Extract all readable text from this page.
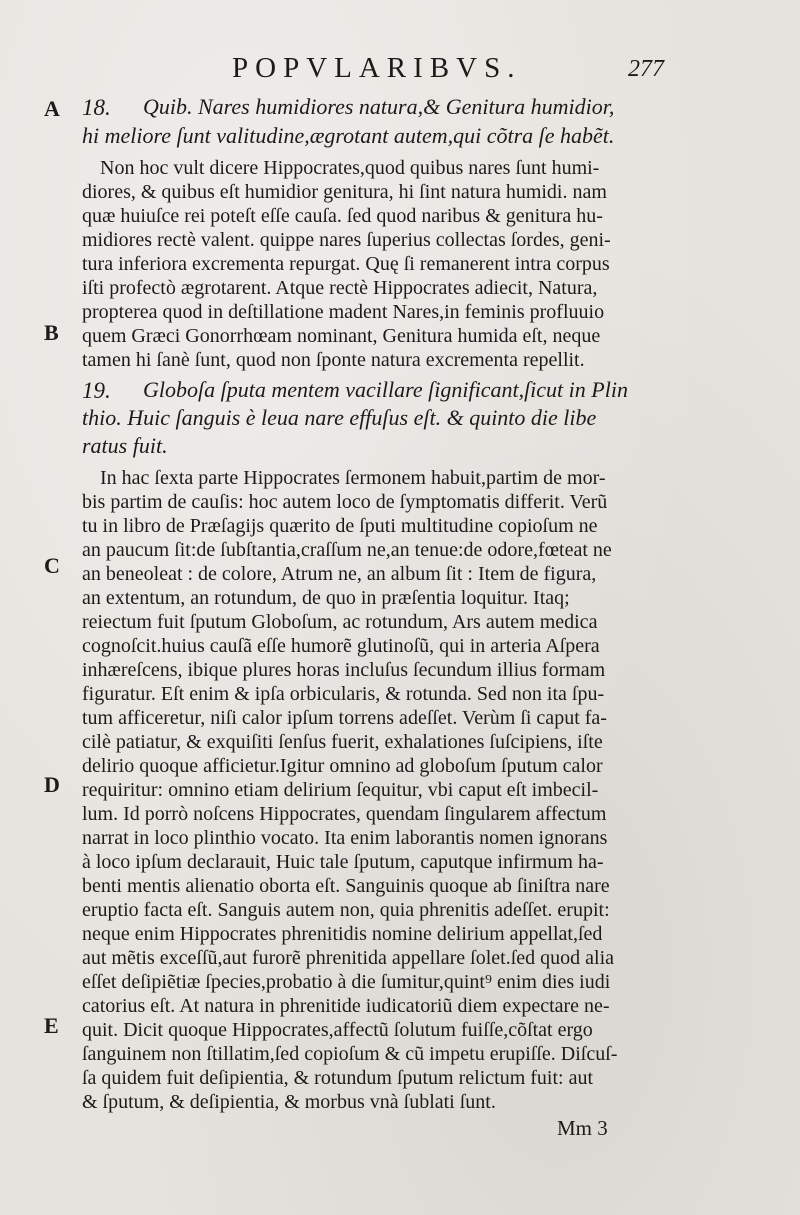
POPVLARIBVS.	277
A
B
C
D
E
18. Quib. Nares humidiores natura,& Genitura humidior,
hi meliore ſunt valitudine,ægrotant autem,qui cõtra ſe habẽt.
Non hoc vult dicere Hippocrates,quod quibus nares ſunt humi-
diores, & quibus eſt humidior genitura, hi ſint natura humidi. nam
quæ huiuſce rei poteſt eſſe cauſa. ſed quod naribus & genitura hu-
midiores rectè valent. quippe nares ſuperius collectas ſordes, geni-
tura inferiora excrementa repurgat. Quę ſi remanerent intra corpus
iſti profectò ægrotarent. Atque rectè Hippocrates adiecit, Natura,
propterea quod in deſtillatione madent Nares,in feminis profluuio
quem Græci Gonorrhœam nominant, Genitura humida eſt, neque
tamen hi ſanè ſunt, quod non ſponte natura excrementa repellit.
19. Globoſa ſputa mentem vacillare ſignificant,ſicut in Plin
thio. Huic ſanguis è leua nare effuſus eſt. & quinto die libe
ratus fuit.
In hac ſexta parte Hippocrates ſermonem habuit,partim de mor-
bis partim de cauſis: hoc autem loco de ſymptomatis differit. Verũ
tu in libro de Præſagijs quærito de ſputi multitudine copioſum ne
an paucum ſit:de ſubſtantia,craſſum ne,an tenue:de odore,fœteat ne
an beneoleat : de colore, Atrum ne, an album ſit : Item de figura,
an extentum, an rotundum, de quo in præſentia loquitur. Itaq;
reiectum fuit ſputum Globoſum, ac rotundum, Ars autem medica
cognoſcit.huius cauſã eſſe humorẽ glutinoſũ, qui in arteria Aſpera
inhæreſcens, ibique plures horas incluſus ſecundum illius formam
figuratur. Eſt enim & ipſa orbicularis, & rotunda. Sed non ita ſpu-
tum afficeretur, niſi calor ipſum torrens adeſſet. Verùm ſi caput fa-
cilè patiatur, & exquiſiti ſenſus fuerit, exhalationes ſuſcipiens, iſte
delirio quoque afficietur.Igitur omnino ad globoſum ſputum calor
requiritur: omnino etiam delirium ſequitur, vbi caput eſt imbecil-
lum. Id porrò noſcens Hippocrates, quendam ſingularem affectum
narrat in loco plinthio vocato. Ita enim laborantis nomen ignorans
à loco ipſum declarauit, Huic tale ſputum, caputque infirmum ha-
benti mentis alienatio oborta eſt. Sanguinis quoque ab ſiniſtra nare
eruptio facta eſt. Sanguis autem non, quia phrenitis adeſſet. erupit:
neque enim Hippocrates phrenitidis nomine delirium appellat,ſed
aut mẽtis exceſſũ,aut furorẽ phrenitida appellare ſolet.ſed quod alia
eſſet deſipiẽtiæ ſpecies,probatio à die ſumitur,quint⁹ enim dies iudi
catorius eſt. At natura in phrenitide iudicatoriũ diem expectare ne-
quit. Dicit quoque Hippocrates,affectũ ſolutum fuiſſe,cõſtat ergo
ſanguinem non ſtillatim,ſed copioſum & cũ impetu erupiſſe. Diſcuſ-
ſa quidem fuit deſipientia, & rotundum ſputum relictum fuit: aut
& ſputum, & deſipientia, & morbus vnà ſublati ſunt.
Mm 3
